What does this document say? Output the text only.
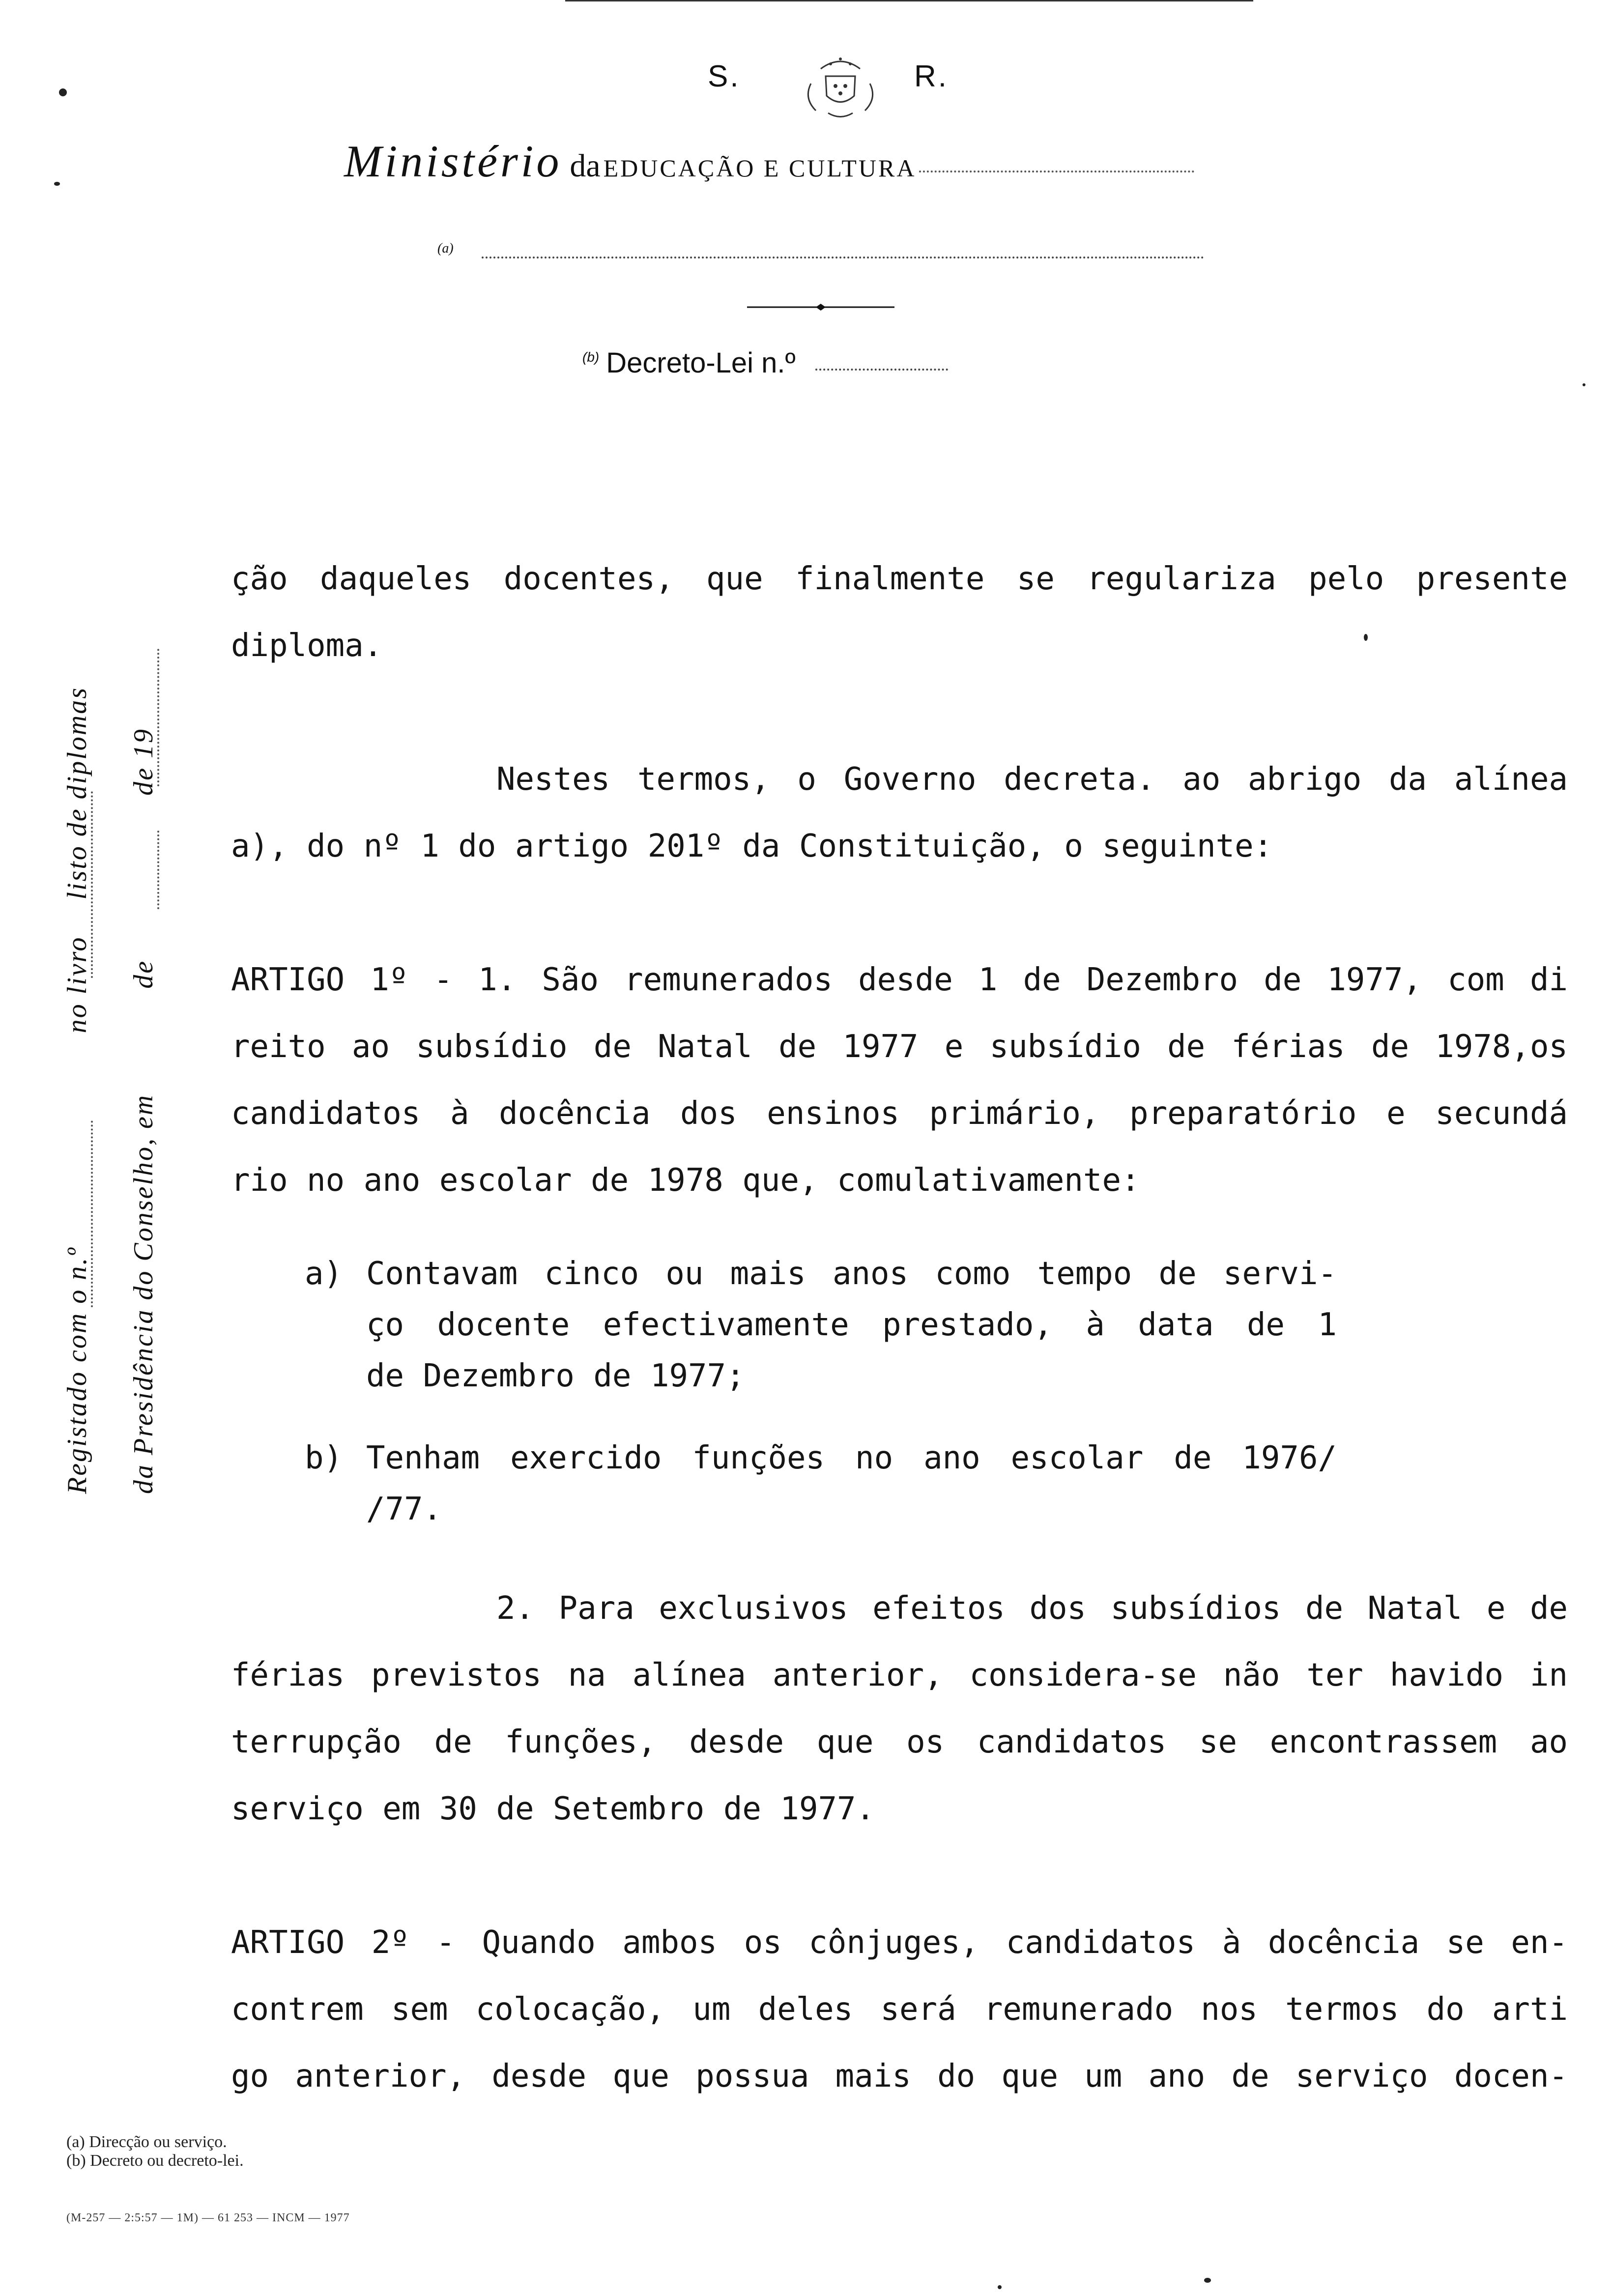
S.	R.
Ministério da EDUCAÇÃO E CULTURA
(a)
$^{(b)}$ Decreto-Lei n.º
Registado com o n.º  no livro  listo de diplomas
da Presidência do Conselho, em  de  de 19

ção daqueles docentes, que finalmente se regulariza pelo presente

diploma.

Nestes termos, o Governo decreta. ao abrigo da alínea

a), do nº 1 do artigo 201º da Constituição, o seguinte:

ARTIGO 1º - 1. São remunerados desde 1 de Dezembro de 1977, com di

reito ao subsídio de Natal de 1977 e subsídio de férias de 1978,os

candidatos à docência dos ensinos primário, preparatório e secundá

rio no ano escolar de 1978 que, comulativamente:

a) Contavam cinco ou mais anos como tempo de servi-
ço docente efectivamente prestado, à data de 1
de Dezembro de 1977;
b) Tenham exercido funções no ano escolar de 1976/
/77.

2. Para exclusivos efeitos dos subsídios de Natal e de

férias previstos na alínea anterior, considera-se não ter havido in

terrupção de funções, desde que os candidatos se encontrassem ao

serviço em 30 de Setembro de 1977.

ARTIGO 2º - Quando ambos os cônjuges, candidatos à docência se en-

contrem sem colocação, um deles será remunerado nos termos do arti

go anterior, desde que possua mais do que um ano de serviço docen-

(a) Direcção ou serviço.
(b) Decreto ou decreto-lei.
(M-257 — 2:5:57 — 1M) — 61 253 — INCM — 1977
